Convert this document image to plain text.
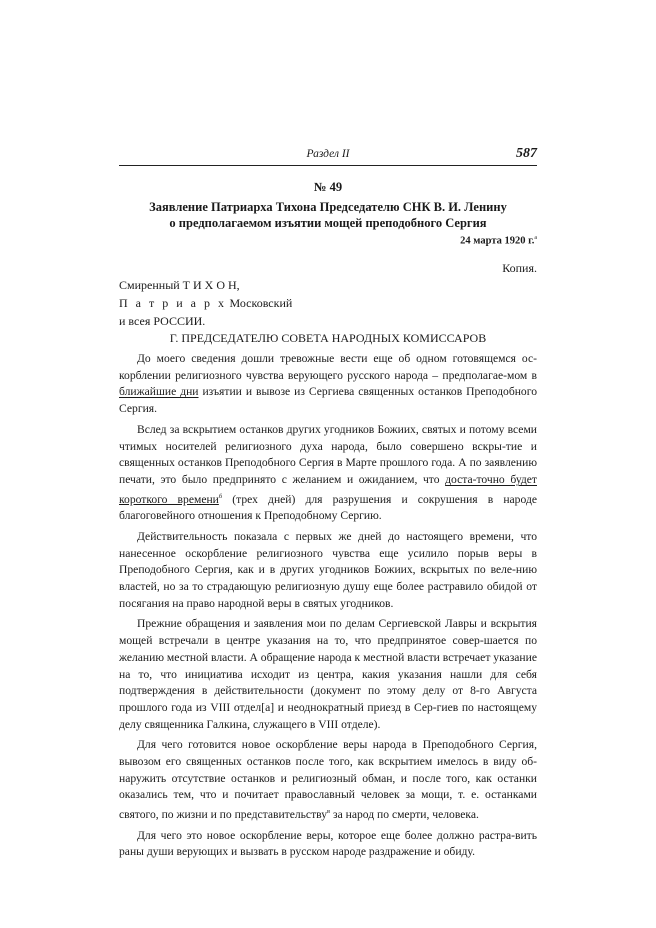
Раздел II	587
№ 49
Заявление Патриарха Тихона Председателю СНК В. И. Ленину
о предполагаемом изъятии мощей преподобного Сергия
24 марта 1920 г.$^а$
Копия.
Смиренный Т И Х О Н,
П а т р и а р х Московский
и всея РОССИИ.
Г. ПРЕДСЕДАТЕЛЮ СОВЕТА НАРОДНЫХ КОМИССАРОВ

До моего сведения дошли тревожные вести еще об одном готовящемся ос-корблении религиозного чувства верующего русского народа – предполагае-мом в ближайшие дни изъятии и вывозе из Сергиева священных останков Преподобного Сергия.

Вслед за вскрытием останков других угодников Божиих, святых и потому всеми чтимых носителей религиозного духа народа, было совершено вскры-тие и священных останков Преподобного Сергия в Марте прошлого года. А по заявлению печати, это было предпринято с желанием и ожиданием, что доста-точно будет короткого времени$^б$ (трех дней) для разрушения и сокрушения в народе благоговейного отношения к Преподобному Сергию.

Действительность показала с первых же дней до настоящего времени, что нанесенное оскорбление религиозного чувства еще усилило порыв веры в Преподобного Сергия, как и в других угодников Божиих, вскрытых по веле-нию властей, но за то страдающую религиозную душу еще более растравило обидой от посягания на право народной веры в святых угодников.

Прежние обращения и заявления мои по делам Сергиевской Лавры и вскрытия мощей встречали в центре указания на то, что предпринятое совер-шается по желанию местной власти. А обращение народа к местной власти встречает указание на то, что инициатива исходит из центра, какия указания нашли для себя подтверждения в действительности (документ по этому делу от 8-го Августа прошлого года из VIII отдел[а] и неоднократный приезд в Сер-гиев по настоящему делу священника Галкина, служащего в VIII отделе).

Для чего готовится новое оскорбление веры народа в Преподобного Сергия, вывозом его священных останков после того, как вскрытием имелось в виду об-наружить отсутствие останков и религиозный обман, и после того, как останки оказались тем, что и почитает православный человек за мощи, т. е. останками святого, по жизни и по представительству$^в$ за народ по смерти, человека.

Для чего это новое оскорбление веры, которое еще более должно растра-вить раны души верующих и вызвать в русском народе раздражение и обиду.
